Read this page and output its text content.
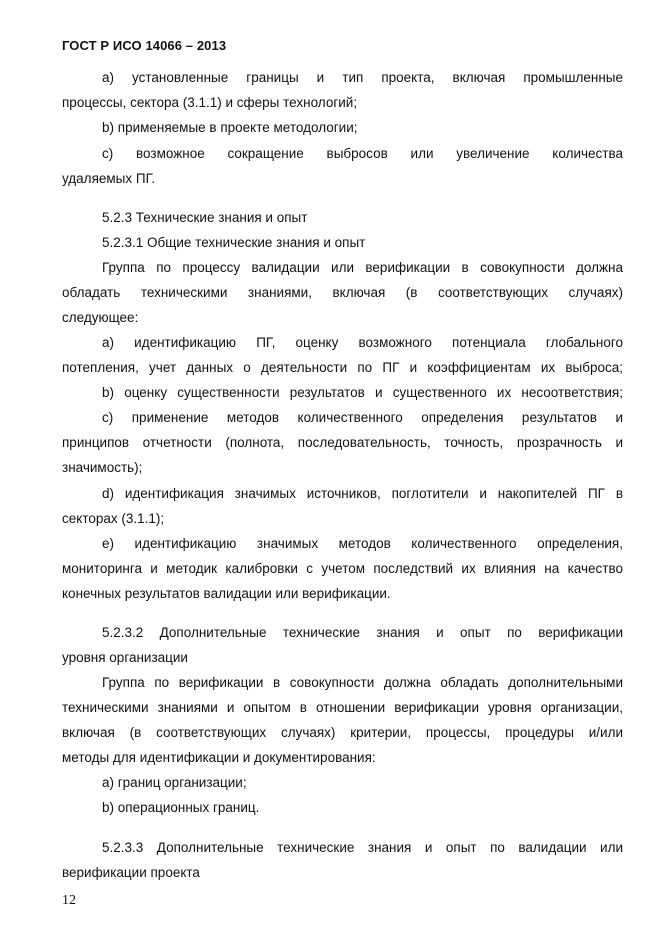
ГОСТ Р ИСО 14066 – 2013
а) установленные границы и тип проекта, включая промышленные
процессы, сектора (3.1.1) и сферы технологий;
b) применяемые в проекте методологии;
с) возможное сокращение выбросов или увеличение количества
удаляемых ПГ.
5.2.3 Технические знания и опыт
5.2.3.1 Общие технические знания и опыт
Группа по процессу валидации или верификации в совокупности должна
обладать техническими знаниями, включая (в соответствующих случаях)
следующее:
а) идентификацию ПГ, оценку возможного потенциала глобального
потепления, учет данных о деятельности по ПГ и коэффициентам их выброса;
b) оценку существенности результатов и существенного их несоответствия;
с) применение методов количественного определения результатов и
принципов отчетности (полнота, последовательность, точность, прозрачность и
значимость);
d) идентификация значимых источников, поглотители и накопителей ПГ в
секторах (3.1.1);
е) идентификацию значимых методов количественного определения,
мониторинга и методик калибровки с учетом последствий их влияния на качество
конечных результатов валидации или верификации.
5.2.3.2 Дополнительные технические знания и опыт по верификации
уровня организации
Группа по верификации в совокупности должна обладать дополнительными
техническими знаниями и опытом в отношении верификации уровня организации,
включая (в соответствующих случаях) критерии, процессы, процедуры и/или
методы для идентификации и документирования:
а) границ организации;
b) операционных границ.
5.2.3.3 Дополнительные технические знания и опыт по валидации или
верификации проекта
12
